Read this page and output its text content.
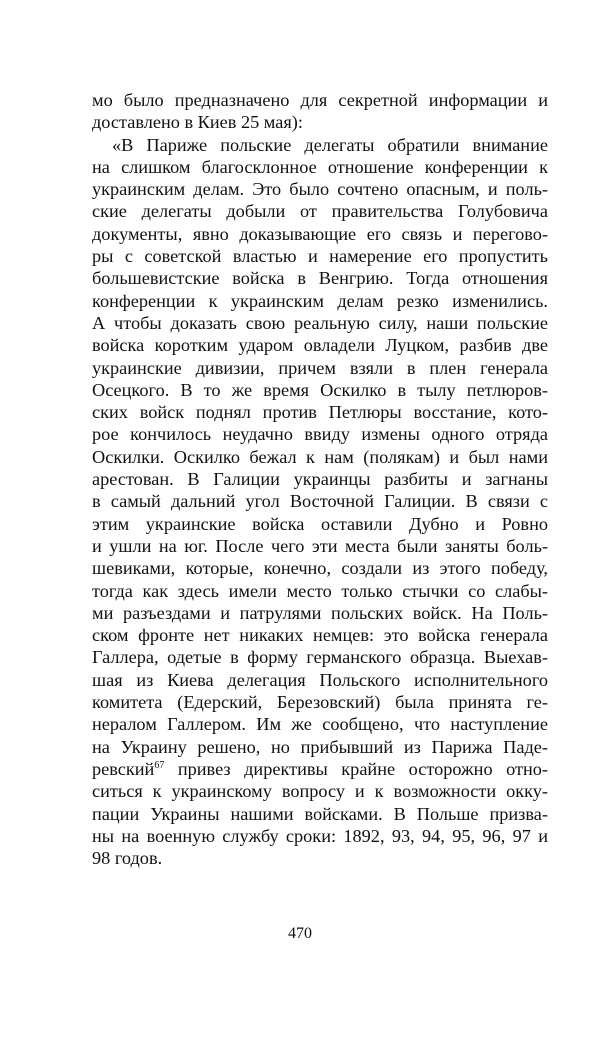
мо было предназначено для секретной информации и
доставлено в Киев 25 мая):
«В Париже польские делегаты обратили внимание
на слишком благосклонное отношение конференции к
украинским делам. Это было сочтено опасным, и поль-
ские делегаты добыли от правительства Голубовича
документы, явно доказывающие его связь и перегово-
ры с советской властью и намерение его пропустить
большевистские войска в Венгрию. Тогда отношения
конференции к украинским делам резко изменились.
А чтобы доказать свою реальную силу, наши польские
войска коротким ударом овладели Луцком, разбив две
украинские дивизии, причем взяли в плен генерала
Осецкого. В то же время Оскилко в тылу петлюров-
ских войск поднял против Петлюры восстание, кото-
рое кончилось неудачно ввиду измены одного отряда
Оскилки. Оскилко бежал к нам (полякам) и был нами
арестован. В Галиции украинцы разбиты и загнаны
в самый дальний угол Восточной Галиции. В связи с
этим украинские войска оставили Дубно и Ровно
и ушли на юг. После чего эти места были заняты боль-
шевиками, которые, конечно, создали из этого победу,
тогда как здесь имели место только стычки со слабы-
ми разъездами и патрулями польских войск. На Поль-
ском фронте нет никаких немцев: это войска генерала
Галлера, одетые в форму германского образца. Выехав-
шая из Киева делегация Польского исполнительного
комитета (Едерский, Березовский) была принята ге-
нералом Галлером. Им же сообщено, что наступление
на Украину решено, но прибывший из Парижа Паде-
ревский$^{67}$ привез директивы крайне осторожно отно-
ситься к украинскому вопросу и к возможности окку-
пации Украины нашими войсками. В Польше призва-
ны на военную службу сроки: 1892, 93, 94, 95, 96, 97 и
98 годов.
470
